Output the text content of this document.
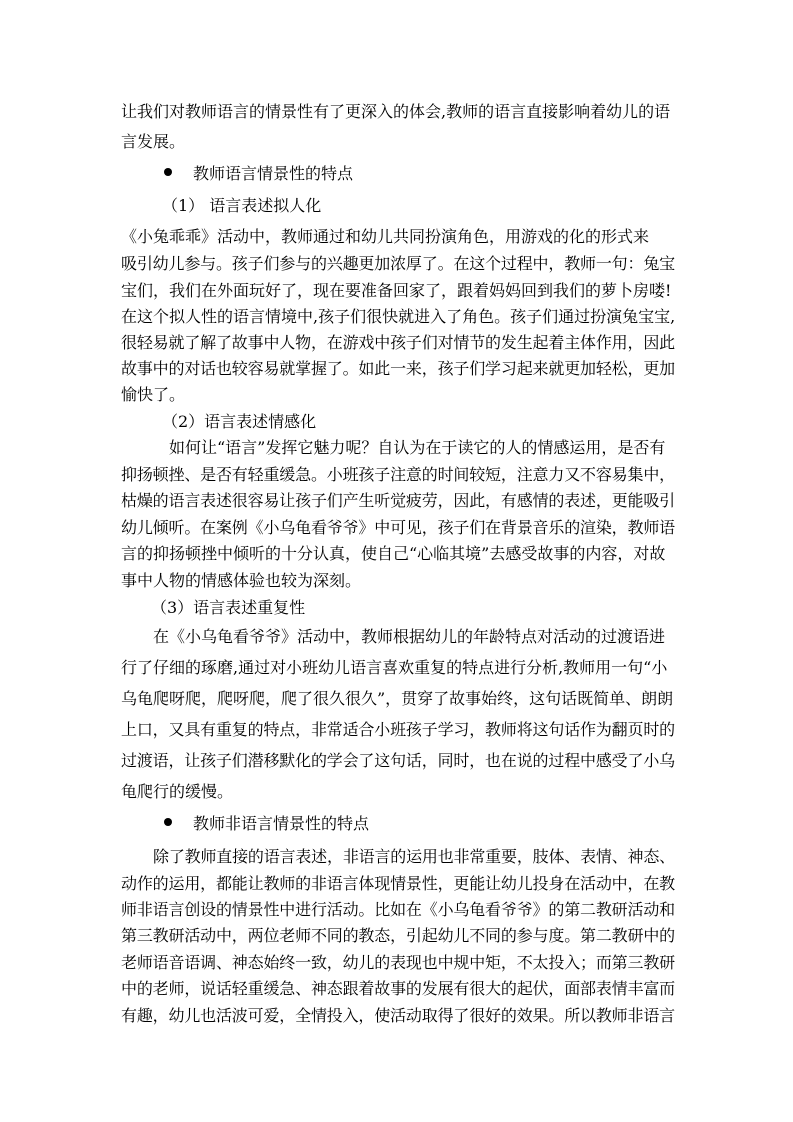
让我们对教师语言的情景性有了更深入的体会,教师的语言直接影响着幼儿的语
言发展。
教师语言情景性的特点
（1） 语言表述拟人化
《小兔乖乖》活动中，教师通过和幼儿共同扮演角色，用游戏的化的形式来
吸引幼儿参与。孩子们参与的兴趣更加浓厚了。在这个过程中，教师一句：兔宝
宝们，我们在外面玩好了，现在要准备回家了，跟着妈妈回到我们的萝卜房喽!
在这个拟人性的语言情境中,孩子们很快就进入了角色。孩子们通过扮演兔宝宝,
很轻易就了解了故事中人物，在游戏中孩子们对情节的发生起着主体作用，因此
故事中的对话也较容易就掌握了。如此一来，孩子们学习起来就更加轻松，更加
愉快了。
（2）语言表述情感化
如何让“语言”发挥它魅力呢？自认为在于读它的人的情感运用，是否有
抑扬顿挫、是否有轻重缓急。小班孩子注意的时间较短，注意力又不容易集中，
枯燥的语言表述很容易让孩子们产生听觉疲劳，因此，有感情的表述，更能吸引
幼儿倾听。在案例《小乌龟看爷爷》中可见，孩子们在背景音乐的渲染，教师语
言的抑扬顿挫中倾听的十分认真，使自己“心临其境”去感受故事的内容，对故
事中人物的情感体验也较为深刻。
（3）语言表述重复性
在《小乌龟看爷爷》活动中，教师根据幼儿的年龄特点对活动的过渡语进
行了仔细的琢磨,通过对小班幼儿语言喜欢重复的特点进行分析,教师用一句“小
乌龟爬呀爬，爬呀爬，爬了很久很久”，贯穿了故事始终，这句话既简单、朗朗
上口，又具有重复的特点，非常适合小班孩子学习，教师将这句话作为翻页时的
过渡语，让孩子们潜移默化的学会了这句话，同时，也在说的过程中感受了小乌
龟爬行的缓慢。
教师非语言情景性的特点
除了教师直接的语言表述，非语言的运用也非常重要，肢体、表情、神态、
动作的运用，都能让教师的非语言体现情景性，更能让幼儿投身在活动中，在教
师非语言创设的情景性中进行活动。比如在《小乌龟看爷爷》的第二教研活动和
第三教研活动中，两位老师不同的教态，引起幼儿不同的参与度。第二教研中的
老师语音语调、神态始终一致，幼儿的表现也中规中矩，不太投入；而第三教研
中的老师，说话轻重缓急、神态跟着故事的发展有很大的起伏，面部表情丰富而
有趣，幼儿也活波可爱，全情投入，使活动取得了很好的效果。所以教师非语言
